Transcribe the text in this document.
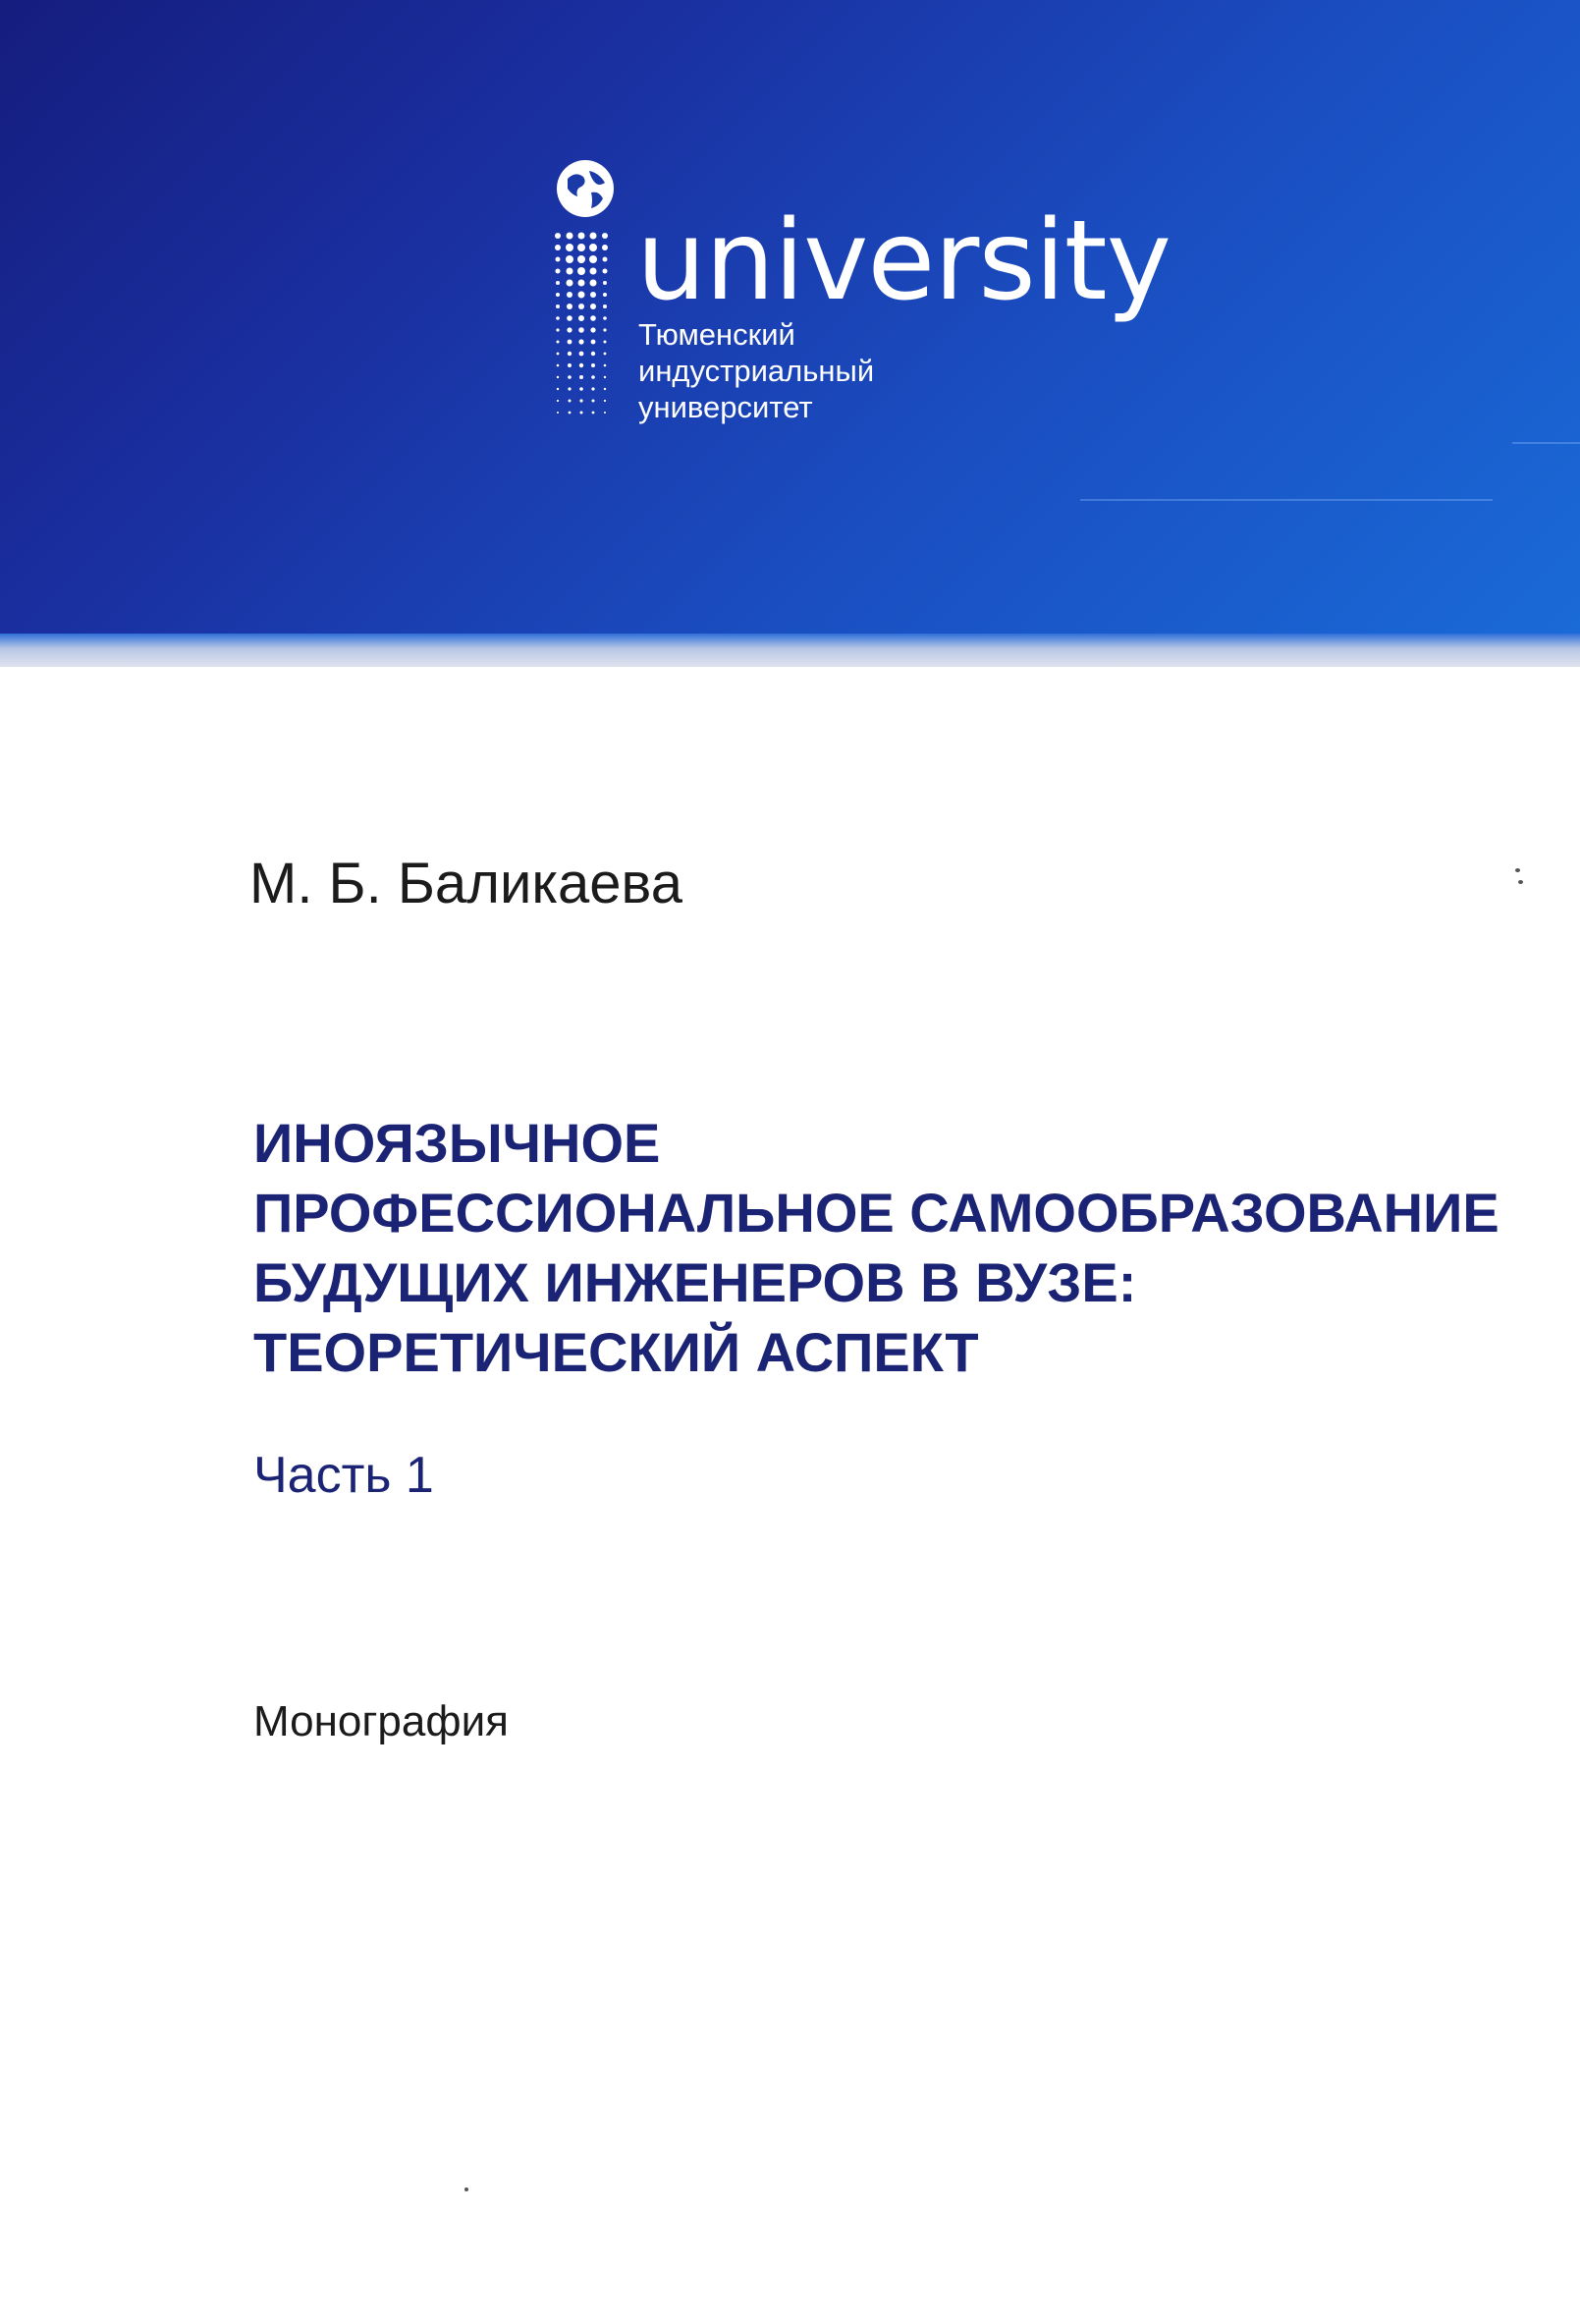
university
Тюменский
индустриальный
университет
М. Б. Баликаева
ИНОЯЗЫЧНОЕ
ПРОФЕССИОНАЛЬНОЕ САМООБРАЗОВАНИЕ
БУДУЩИХ ИНЖЕНЕРОВ В ВУЗЕ:
ТЕОРЕТИЧЕСКИЙ АСПЕКТ
Часть 1
Монография
